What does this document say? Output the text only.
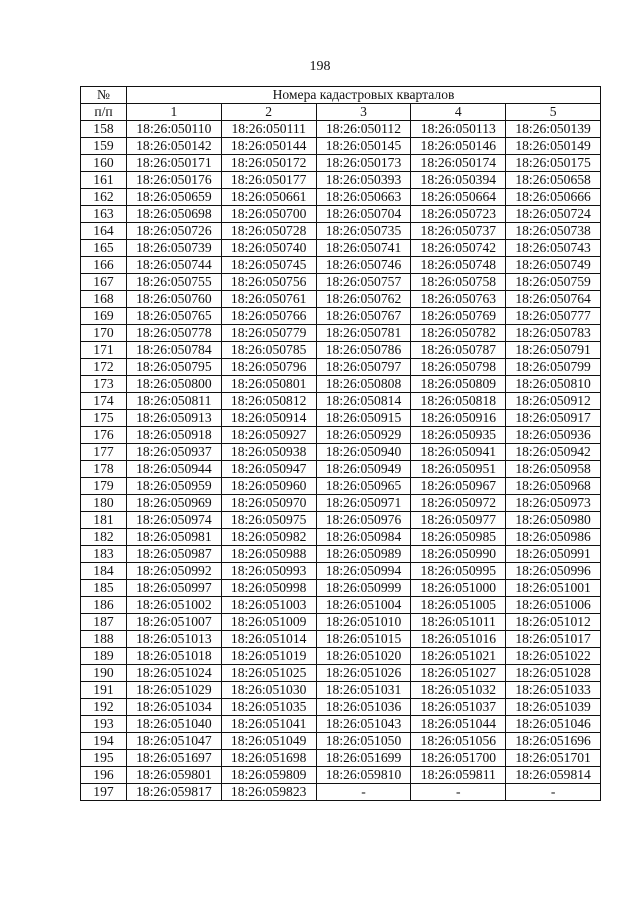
198
№	Номера кадастровых кварталов				
п/п	1	2	3	4	5
158	18:26:050110	18:26:050111	18:26:050112	18:26:050113	18:26:050139
159	18:26:050142	18:26:050144	18:26:050145	18:26:050146	18:26:050149
160	18:26:050171	18:26:050172	18:26:050173	18:26:050174	18:26:050175
161	18:26:050176	18:26:050177	18:26:050393	18:26:050394	18:26:050658
162	18:26:050659	18:26:050661	18:26:050663	18:26:050664	18:26:050666
163	18:26:050698	18:26:050700	18:26:050704	18:26:050723	18:26:050724
164	18:26:050726	18:26:050728	18:26:050735	18:26:050737	18:26:050738
165	18:26:050739	18:26:050740	18:26:050741	18:26:050742	18:26:050743
166	18:26:050744	18:26:050745	18:26:050746	18:26:050748	18:26:050749
167	18:26:050755	18:26:050756	18:26:050757	18:26:050758	18:26:050759
168	18:26:050760	18:26:050761	18:26:050762	18:26:050763	18:26:050764
169	18:26:050765	18:26:050766	18:26:050767	18:26:050769	18:26:050777
170	18:26:050778	18:26:050779	18:26:050781	18:26:050782	18:26:050783
171	18:26:050784	18:26:050785	18:26:050786	18:26:050787	18:26:050791
172	18:26:050795	18:26:050796	18:26:050797	18:26:050798	18:26:050799
173	18:26:050800	18:26:050801	18:26:050808	18:26:050809	18:26:050810
174	18:26:050811	18:26:050812	18:26:050814	18:26:050818	18:26:050912
175	18:26:050913	18:26:050914	18:26:050915	18:26:050916	18:26:050917
176	18:26:050918	18:26:050927	18:26:050929	18:26:050935	18:26:050936
177	18:26:050937	18:26:050938	18:26:050940	18:26:050941	18:26:050942
178	18:26:050944	18:26:050947	18:26:050949	18:26:050951	18:26:050958
179	18:26:050959	18:26:050960	18:26:050965	18:26:050967	18:26:050968
180	18:26:050969	18:26:050970	18:26:050971	18:26:050972	18:26:050973
181	18:26:050974	18:26:050975	18:26:050976	18:26:050977	18:26:050980
182	18:26:050981	18:26:050982	18:26:050984	18:26:050985	18:26:050986
183	18:26:050987	18:26:050988	18:26:050989	18:26:050990	18:26:050991
184	18:26:050992	18:26:050993	18:26:050994	18:26:050995	18:26:050996
185	18:26:050997	18:26:050998	18:26:050999	18:26:051000	18:26:051001
186	18:26:051002	18:26:051003	18:26:051004	18:26:051005	18:26:051006
187	18:26:051007	18:26:051009	18:26:051010	18:26:051011	18:26:051012
188	18:26:051013	18:26:051014	18:26:051015	18:26:051016	18:26:051017
189	18:26:051018	18:26:051019	18:26:051020	18:26:051021	18:26:051022
190	18:26:051024	18:26:051025	18:26:051026	18:26:051027	18:26:051028
191	18:26:051029	18:26:051030	18:26:051031	18:26:051032	18:26:051033
192	18:26:051034	18:26:051035	18:26:051036	18:26:051037	18:26:051039
193	18:26:051040	18:26:051041	18:26:051043	18:26:051044	18:26:051046
194	18:26:051047	18:26:051049	18:26:051050	18:26:051056	18:26:051696
195	18:26:051697	18:26:051698	18:26:051699	18:26:051700	18:26:051701
196	18:26:059801	18:26:059809	18:26:059810	18:26:059811	18:26:059814
197	18:26:059817	18:26:059823	-	-	-
